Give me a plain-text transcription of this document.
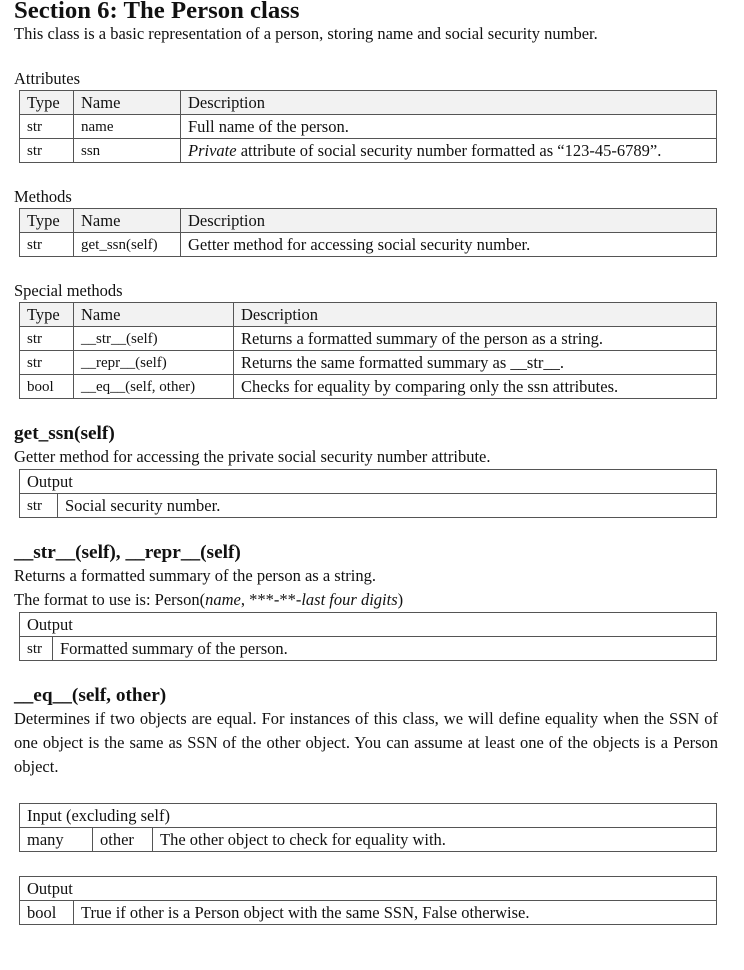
Section 6: The Person class

This class is a basic representation of a person, storing name and social security number.

Attributes

Type	Name	Description
str	name	Full name of the person.
str	ssn	Private attribute of social security number formatted as “123-45-6789”.

Methods

Type	Name	Description
str	get_ssn(self)	Getter method for accessing social security number.

Special methods

Type	Name	Description
str	__str__(self)	Returns a formatted summary of the person as a string.
str	__repr__(self)	Returns the same formatted summary as __str__.
bool	__eq__(self, other)	Checks for equality by comparing only the ssn attributes.
get_ssn(self)

Getter method for accessing the private social security number attribute.

Output
str	Social security number.
__str__(self), __repr__(self)

Returns a formatted summary of the person as a string.

The format to use is: Person(name, ***-**-last four digits)

Output
str	Formatted summary of the person.
__eq__(self, other)

Determines if two objects are equal. For instances of this class, we will define equality when the SSN of one object is the same as SSN of the other object. You can assume at least one of the objects is a Person object.

Input (excluding self)
many	other	The other object to check for equality with.
Output
bool	True if other is a Person object with the same SSN, False otherwise.
